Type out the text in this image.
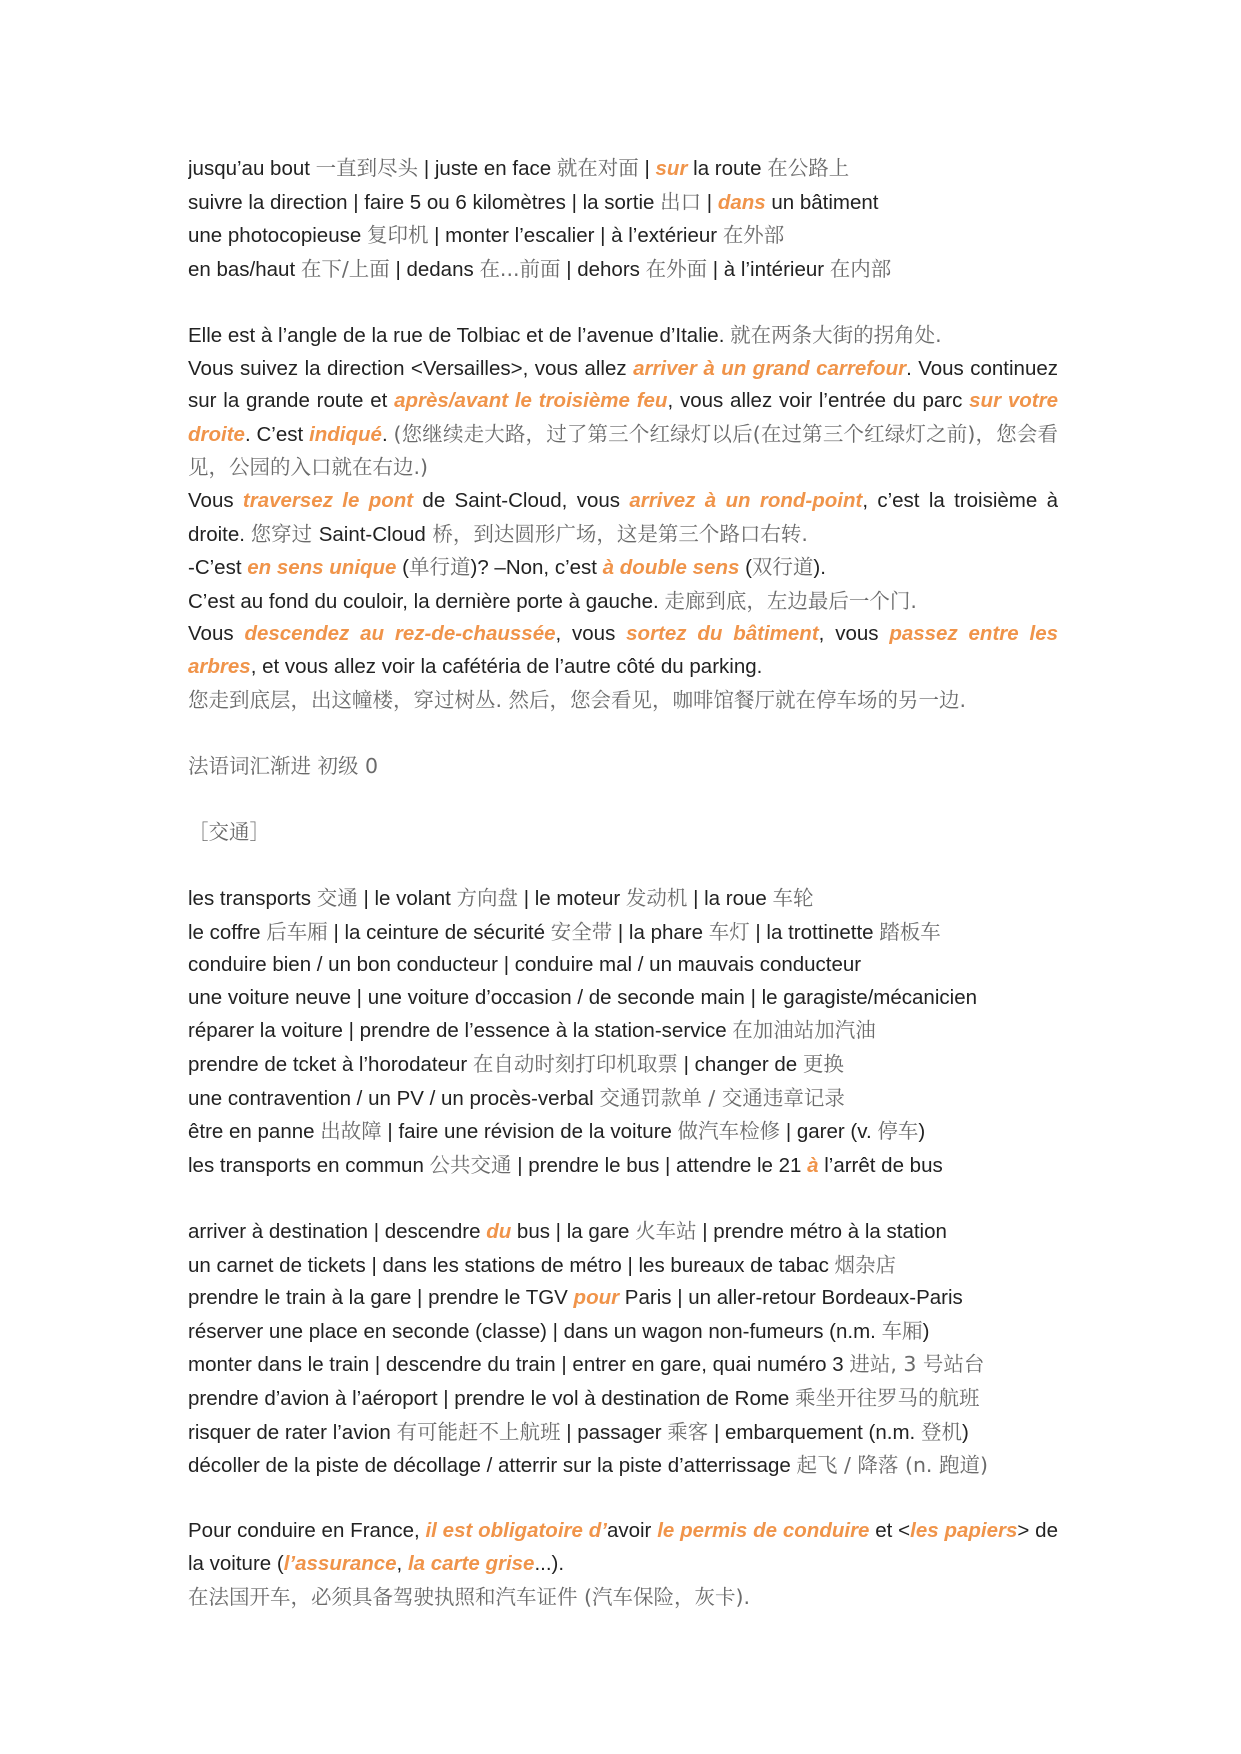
jusqu’au bout 一直到尽头 | juste en face 就在对面 | sur la route 在公路上
suivre la direction | faire 5 ou 6 kilomètres | la sortie 出口 | dans un bâtiment
une photocopieuse 复印机 | monter l’escalier | à l’extérieur 在外部
en bas/haut 在下/上面 | dedans 在...前面 | dehors 在外面 | à l’intérieur 在内部
Elle est à l’angle de la rue de Tolbiac et de l’avenue d’Italie. 就在两条大街的拐角处.
Vous suivez la direction <Versailles>, vous allez arriver à un grand carrefour. Vous continuez sur la grande route et après/avant le troisième feu, vous allez voir l’entrée du parc sur votre droite. C’est indiqué. (您继续走大路，过了第三个红绿灯以后(在过第三个红绿灯之前)，您会看见，公园的入口就在右边.)
Vous traversez le pont de Saint-Cloud, vous arrivez à un rond-point, c’est la troisième à droite. 您穿过 Saint-Cloud 桥，到达圆形广场，这是第三个路口右转.
-C’est en sens unique (单行道)? –Non, c’est à double sens (双行道).
C’est au fond du couloir, la dernière porte à gauche. 走廊到底，左边最后一个门.
Vous descendez au rez-de-chaussée, vous sortez du bâtiment, vous passez entre les arbres, et vous allez voir la cafétéria de l’autre côté du parking.
您走到底层，出这幢楼，穿过树丛. 然后，您会看见，咖啡馆餐厅就在停车场的另一边.
法语词汇渐进 初级 0
［交通］
les transports 交通 | le volant 方向盘 | le moteur 发动机 | la roue 车轮
le coffre 后车厢 | la ceinture de sécurité 安全带 | la phare 车灯 | la trottinette 踏板车
conduire bien / un bon conducteur | conduire mal / un mauvais conducteur
une voiture neuve | une voiture d’occasion / de seconde main | le garagiste/mécanicien
réparer la voiture | prendre de l’essence à la station-service 在加油站加汽油
prendre de tcket à l’horodateur 在自动时刻打印机取票 | changer de 更换
une contravention / un PV / un procès-verbal 交通罚款单 / 交通违章记录
être en panne 出故障 | faire une révision de la voiture 做汽车检修 | garer (v. 停车)
les transports en commun 公共交通 | prendre le bus | attendre le 21 à l’arrêt de bus
arriver à destination | descendre du bus | la gare 火车站 | prendre métro à la station
un carnet de tickets | dans les stations de métro | les bureaux de tabac 烟杂店
prendre le train à la gare | prendre le TGV pour Paris | un aller-retour Bordeaux-Paris
réserver une place en seconde (classe) | dans un wagon non-fumeurs (n.m. 车厢)
monter dans le train | descendre du train | entrer en gare, quai numéro 3 进站, 3 号站台
prendre d’avion à l’aéroport | prendre le vol à destination de Rome 乘坐开往罗马的航班
risquer de rater l’avion 有可能赶不上航班 | passager 乘客 | embarquement (n.m. 登机)
décoller de la piste de décollage / atterrir sur la piste d’atterrissage 起飞 / 降落 (n. 跑道)
Pour conduire en France, il est obligatoire d’avoir le permis de conduire et <les papiers> de la voiture (l’assurance, la carte grise...).
在法国开车，必须具备驾驶执照和汽车证件 (汽车保险，灰卡).
